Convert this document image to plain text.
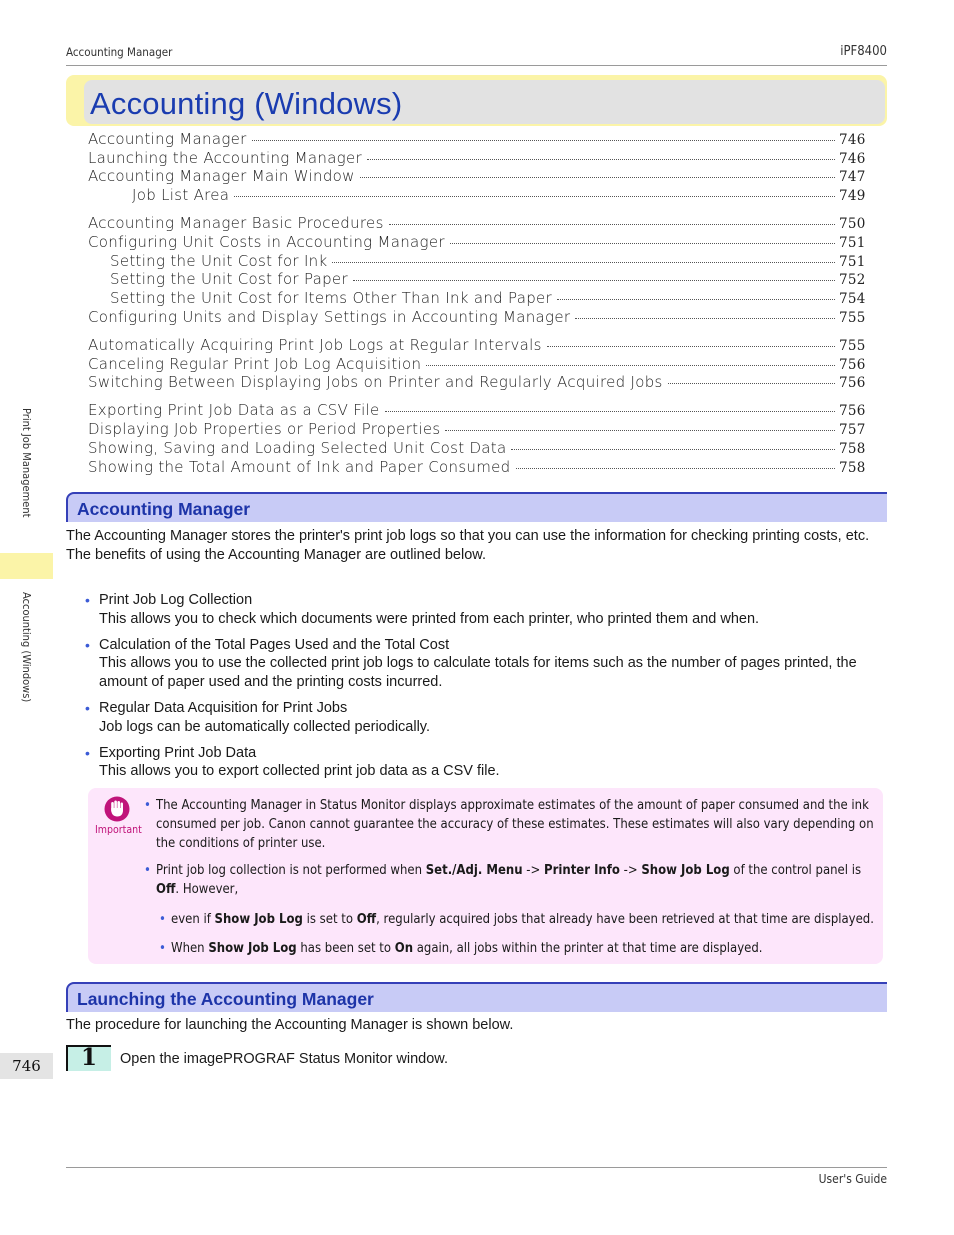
Accounting Manager	iPF8400
Accounting (Windows)
Accounting Manager	746
Launching the Accounting Manager	746
Accounting Manager Main Window	747
Job List Area	749
Accounting Manager Basic Procedures	750
Configuring Unit Costs in Accounting Manager	751
Setting the Unit Cost for Ink	751
Setting the Unit Cost for Paper	752
Setting the Unit Cost for Items Other Than Ink and Paper	754
Configuring Units and Display Settings in Accounting Manager	755
Automatically Acquiring Print Job Logs at Regular Intervals	755
Canceling Regular Print Job Log Acquisition	756
Switching Between Displaying Jobs on Printer and Regularly Acquired Jobs	756
Exporting Print Job Data as a CSV File	756
Displaying Job Properties or Period Properties	757
Showing, Saving and Loading Selected Unit Cost Data	758
Showing the Total Amount of Ink and Paper Consumed	758
Accounting Manager
The Accounting Manager stores the printer's print job logs so that you can use the information for checking printing costs, etc.
The benefits of using the Accounting Manager are outlined below.
• Print Job Log Collection
This allows you to check which documents were printed from each printer, who printed them and when.
• Calculation of the Total Pages Used and the Total Cost
This allows you to use the collected print job logs to calculate totals for items such as the number of pages printed, the amount of paper used and the printing costs incurred.
• Regular Data Acquisition for Print Jobs
Job logs can be automatically collected periodically.
• Exporting Print Job Data
This allows you to export collected print job data as a CSV file.
Important
• The Accounting Manager in Status Monitor displays approximate estimates of the amount of paper consumed and the ink consumed per job. Canon cannot guarantee the accuracy of these estimates. These estimates will also vary depending on the conditions of printer use.
• Print job log collection is not performed when Set./Adj. Menu -> Printer Info -> Show Job Log of the control panel is Off. However,
• even if Show Job Log is set to Off, regularly acquired jobs that already have been retrieved at that time are displayed.
• When Show Job Log has been set to On again, all jobs within the printer at that time are displayed.
Launching the Accounting Manager
The procedure for launching the Accounting Manager is shown below.
1 Open the imagePROGRAF Status Monitor window.
Print Job Management
Accounting (Windows)
746
User's Guide
